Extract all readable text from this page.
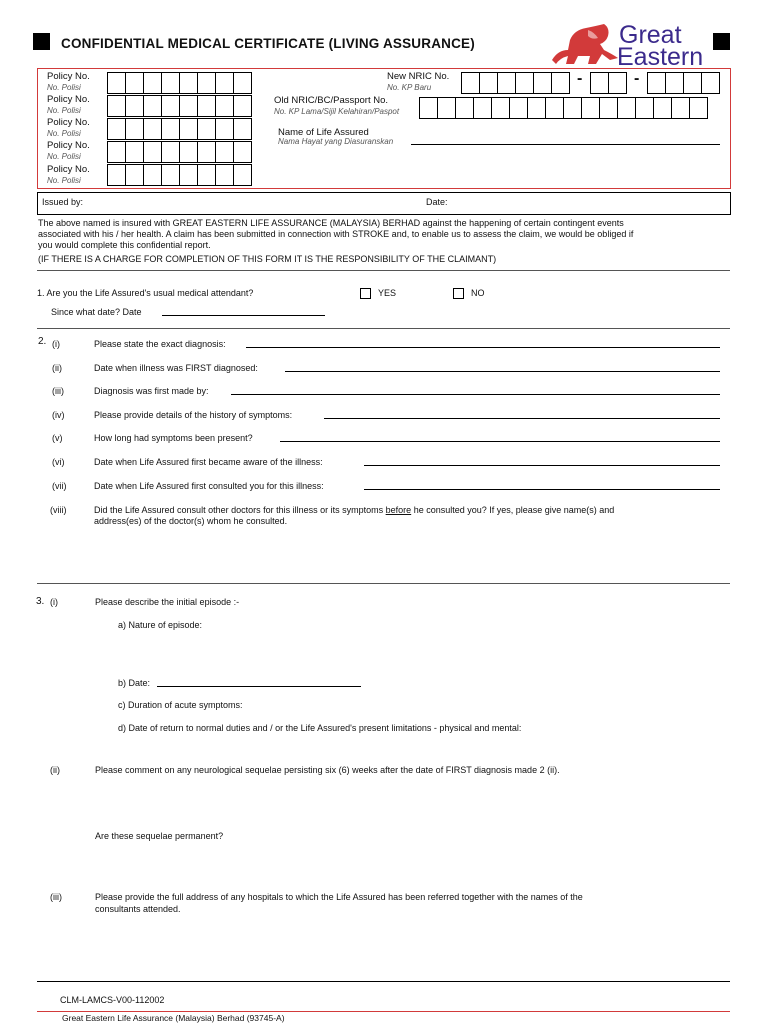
CONFIDENTIAL MEDICAL CERTIFICATE (LIVING ASSURANCE)	Great
Eastern
Policy No.
No. Polisi
Policy No.
No. Polisi
Policy No.
No. Polisi
Policy No.
No. Polisi
Policy No.
No. Polisi
New NRIC No.
No. KP Baru
-	-
Old NRIC/BC/Passport No.
No. KP Lama/Sijil Kelahiran/Paspot
Name of Life Assured
Nama Hayat yang Diasuranskan
Issued by:	Date:
The above named is insured with GREAT EASTERN LIFE ASSURANCE (MALAYSIA) BERHAD against the happening of certain contingent events
associated with his / her health. A claim has been submitted in connection with STROKE and, to enable us to assess the claim, we would be obliged if
you would complete this confidential report.
(IF THERE IS A CHARGE FOR COMPLETION OF THIS FORM IT IS THE RESPONSIBILITY OF THE CLAIMANT)
1. Are you the Life Assured's usual medical attendant?	YES	NO
Since what date? Date
2. (i)	Please state the exact diagnosis:
(ii)	Date when illness was FIRST diagnosed:
(iii)	Diagnosis was first made by:
(iv)	Please provide details of the history of symptoms:
(v)	How long had symptoms been present?
(vi)	Date when Life Assured first became aware of the illness:
(vii)	Date when Life Assured first consulted you for this illness:
(viii)	Did the Life Assured consult other doctors for this illness or its symptoms before he consulted you? If yes, please give name(s) and
address(es) of the doctor(s) whom he consulted.
3. (i)	Please describe the initial episode :-
a) Nature of episode:
b) Date:
c) Duration of acute symptoms:
d) Date of return to normal duties and / or the Life Assured's present limitations - physical and mental:
(ii)	Please comment on any neurological sequelae persisting six (6) weeks after the date of FIRST diagnosis made 2 (ii).
Are these sequelae permanent?
(iii)	Please provide the full address of any hospitals to which the Life Assured has been referred together with the names of the
consultants attended.
CLM-LAMCS-V00-112002
Great Eastern Life Assurance (Malaysia) Berhad (93745-A)
